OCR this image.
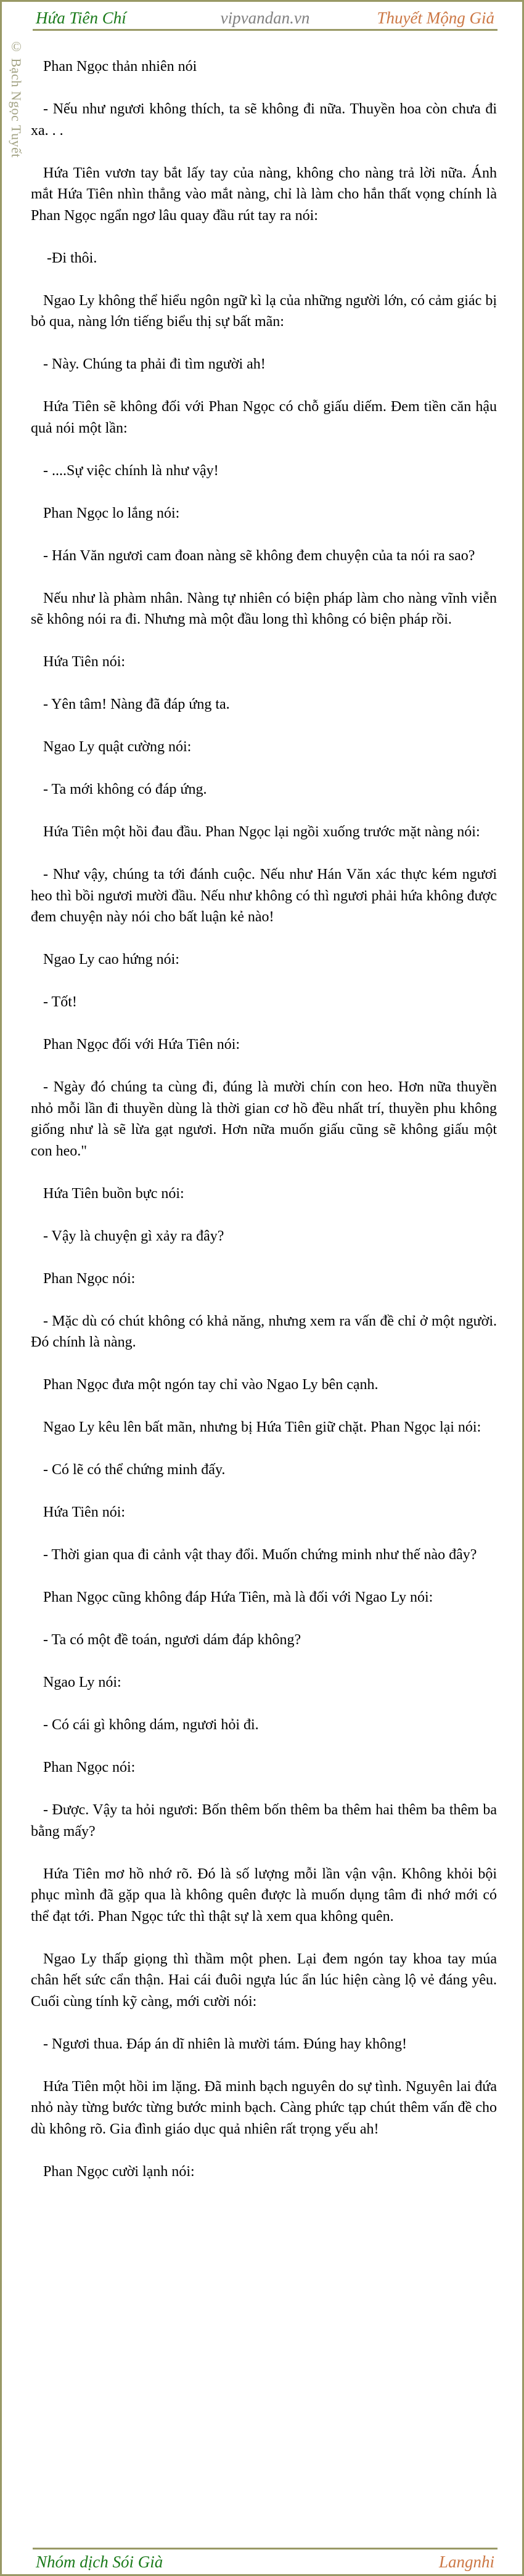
Hứa Tiên Chí	vipvandan.vn	Thuyết Mộng Giả
© Bạch Ngọc Tuyết	Phan Ngọc thản nhiên nói

- Nếu như ngươi không thích, ta sẽ không đi nữa. Thuyền hoa còn chưa đi xa. . .

Hứa Tiên vươn tay bắt lấy tay của nàng, không cho nàng trả lời nữa. Ánh mắt Hứa Tiên nhìn thẳng vào mắt nàng, chỉ là làm cho hắn thất vọng chính là Phan Ngọc ngẩn ngơ lâu quay đầu rút tay ra nói:

-Đi thôi.

Ngao Ly không thể hiểu ngôn ngữ kì lạ của những người lớn, có cảm giác bị bỏ qua, nàng lớn tiếng biểu thị sự bất mãn:

- Này. Chúng ta phải đi tìm người ah!

Hứa Tiên sẽ không đối với Phan Ngọc có chỗ giấu diếm. Đem tiền căn hậu quả nói một lần:

- ....Sự việc chính là như vậy!

Phan Ngọc lo lắng nói:

- Hán Văn ngươi cam đoan nàng sẽ không đem chuyện của ta nói ra sao?

Nếu như là phàm nhân. Nàng tự nhiên có biện pháp làm cho nàng vĩnh viễn sẽ không nói ra đi. Nhưng mà một đầu long thì không có biện pháp rồi.

Hứa Tiên nói:

- Yên tâm! Nàng đã đáp ứng ta.

Ngao Ly quật cường nói:

- Ta mới không có đáp ứng.

Hứa Tiên một hồi đau đầu. Phan Ngọc lại ngồi xuống trước mặt nàng nói:

- Như vậy, chúng ta tới đánh cuộc. Nếu như Hán Văn xác thực kém ngươi heo thì bồi ngươi mười đầu. Nếu như không có thì ngươi phải hứa không được đem chuyện này nói cho bất luận kẻ nào!

Ngao Ly cao hứng nói:

- Tốt!

Phan Ngọc đối với Hứa Tiên nói:

- Ngày đó chúng ta cùng đi, đúng là mười chín con heo. Hơn nữa thuyền nhỏ mỗi lần đi thuyền dùng là thời gian cơ hồ đều nhất trí, thuyền phu không giống như là sẽ lừa gạt ngươi. Hơn nữa muốn giấu cũng sẽ không giấu một con heo."

Hứa Tiên buồn bực nói:

- Vậy là chuyện gì xảy ra đây?

Phan Ngọc nói:

- Mặc dù có chút không có khả năng, nhưng xem ra vấn đề chỉ ở một người. Đó chính là nàng.

Phan Ngọc đưa một ngón tay chỉ vào Ngao Ly bên cạnh.

Ngao Ly kêu lên bất mãn, nhưng bị Hứa Tiên giữ chặt. Phan Ngọc lại nói:

- Có lẽ có thể chứng minh đấy.

Hứa Tiên nói:

- Thời gian qua đi cảnh vật thay đổi. Muốn chứng minh như thế nào đây?

Phan Ngọc cũng không đáp Hứa Tiên, mà là đối với Ngao Ly nói:

- Ta có một đề toán, ngươi dám đáp không?

Ngao Ly nói:

- Có cái gì không dám, ngươi hỏi đi.

Phan Ngọc nói:

- Được. Vậy ta hỏi ngươi: Bốn thêm bốn thêm ba thêm hai thêm ba thêm ba bằng mấy?

Hứa Tiên mơ hồ nhớ rõ. Đó là số lượng mỗi lần vận vận. Không khỏi bội phục mình đã gặp qua là không quên được là muốn dụng tâm đi nhớ mới có thể đạt tới. Phan Ngọc tức thì thật sự là xem qua không quên.

Ngao Ly thấp giọng thì thầm một phen. Lại đem ngón tay khoa tay múa chân hết sức cẩn thận. Hai cái đuôi ngựa lúc ẩn lúc hiện càng lộ vẻ đáng yêu. Cuối cùng tính kỹ càng, mới cười nói:

- Ngươi thua. Đáp án dĩ nhiên là mười tám. Đúng hay không!

Hứa Tiên một hồi im lặng. Đã minh bạch nguyên do sự tình. Nguyên lai đứa nhỏ này từng bước từng bước minh bạch. Càng phức tạp chút thêm vấn đề cho dù không rõ. Gia đình giáo dục quả nhiên rất trọng yếu ah!

Phan Ngọc cười lạnh nói:

Nhóm dịch Sói Già	Langnhi
